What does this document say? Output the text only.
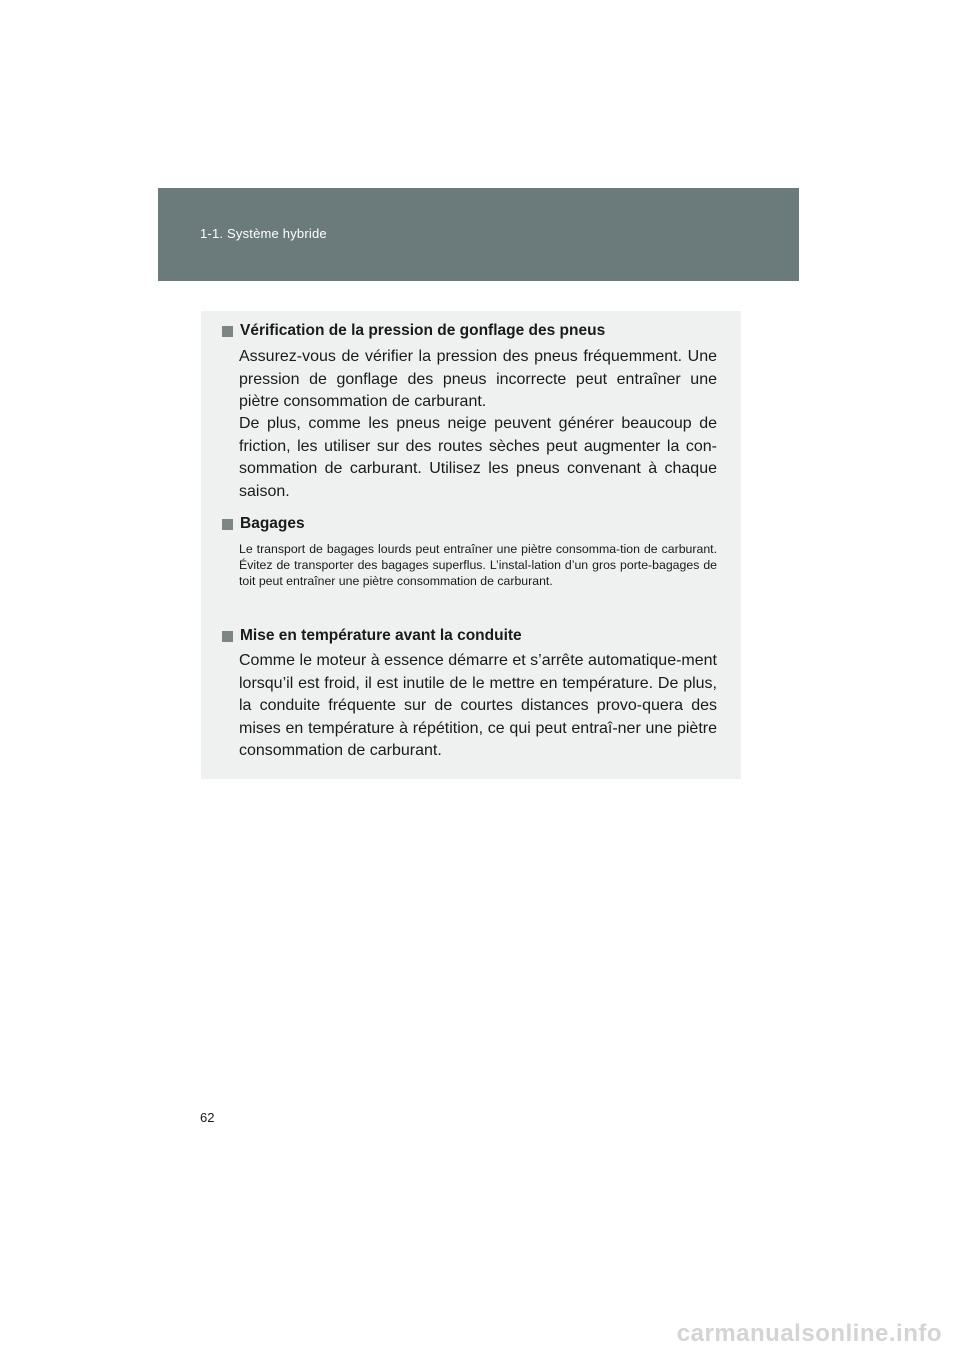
1-1. Système hybride
Vérification de la pression de gonflage des pneus

Assurez-vous de vérifier la pression des pneus fréquemment. Une pression de gonflage des pneus incorrecte peut entraîner une piètre consommation de carburant.

De plus, comme les pneus neige peuvent générer beaucoup de friction, les utiliser sur des routes sèches peut augmenter la con-sommation de carburant. Utilisez les pneus convenant à chaque saison.

Bagages

Le transport de bagages lourds peut entraîner une piètre consomma-tion de carburant. Évitez de transporter des bagages superflus. L’instal-lation d’un gros porte-bagages de toit peut entraîner une piètre consommation de carburant.

Mise en température avant la conduite

Comme le moteur à essence démarre et s’arrête automatique-ment lorsqu’il est froid, il est inutile de le mettre en température. De plus, la conduite fréquente sur de courtes distances provo-quera des mises en température à répétition, ce qui peut entraî-ner une piètre consommation de carburant.

62
carmanualsonline.info
